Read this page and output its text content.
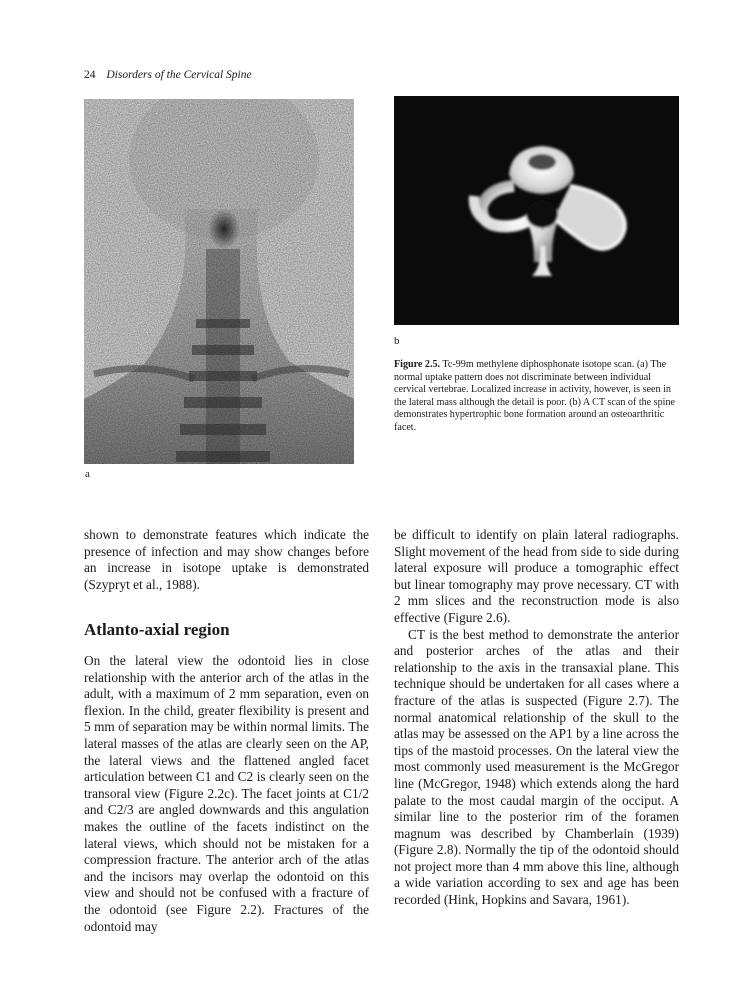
24 Disorders of the Cervical Spine
a
b
Figure 2.5. Tc-99m methylene diphosphonate isotope scan. (a) The normal uptake pattern does not discriminate between individual cervical vertebrae. Localized increase in activity, however, is seen in the lateral mass although the detail is poor. (b) A CT scan of the spine demonstrates hypertrophic bone formation around an osteoarthritic facet.

shown to demonstrate features which indicate the presence of infection and may show changes before an increase in isotope uptake is demonstrated (Szypryt et al., 1988).

Atlanto-axial region

On the lateral view the odontoid lies in close relationship with the anterior arch of the atlas in the adult, with a maximum of 2 mm separation, even on flexion. In the child, greater flexibility is present and 5 mm of separation may be within normal limits. The lateral masses of the atlas are clearly seen on the AP, the lateral views and the flattened angled facet articulation between C1 and C2 is clearly seen on the transoral view (Figure 2.2c). The facet joints at C1/2 and C2/3 are angled downwards and this angulation makes the outline of the facets indistinct on the lateral views, which should not be mistaken for a compression fracture. The anterior arch of the atlas and the incisors may overlap the odontoid on this view and should not be confused with a fracture of the odontoid (see Figure 2.2). Fractures of the odontoid may

be difficult to identify on plain lateral radiographs. Slight movement of the head from side to side during lateral exposure will produce a tomographic effect but linear tomography may prove necessary. CT with 2 mm slices and the reconstruction mode is also effective (Figure 2.6).

CT is the best method to demonstrate the anterior and posterior arches of the atlas and their relationship to the axis in the transaxial plane. This technique should be undertaken for all cases where a fracture of the atlas is suspected (Figure 2.7). The normal anatomical relationship of the skull to the atlas may be assessed on the AP1 by a line across the tips of the mastoid processes. On the lateral view the most commonly used measurement is the McGregor line (McGregor, 1948) which extends along the hard palate to the most caudal margin of the occiput. A similar line to the posterior rim of the foramen magnum was described by Chamberlain (1939) (Figure 2.8). Normally the tip of the odontoid should not project more than 4 mm above this line, although a wide variation according to sex and age has been recorded (Hink, Hopkins and Savara, 1961).
